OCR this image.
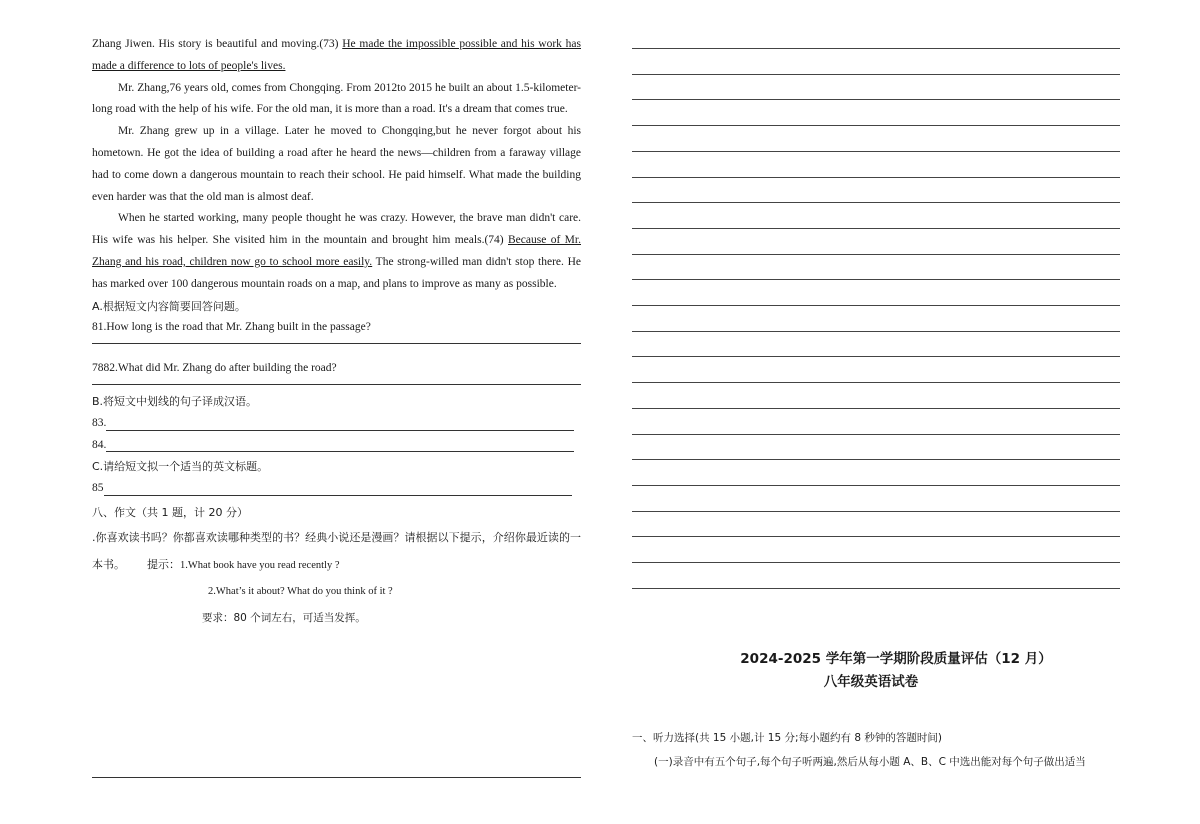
Zhang Jiwen. His story is beautiful and moving.(73) He made the impossible possible and his work has made a difference to lots of people's lives.

Mr. Zhang,76 years old, comes from Chongqing. From 2012to 2015 he built an about 1.5-kilometer-long road with the help of his wife. For the old man, it is more than a road. It's a dream that comes true.

Mr. Zhang grew up in a village. Later he moved to Chongqing,but he never forgot about his hometown. He got the idea of building a road after he heard the news—children from a faraway village had to come down a dangerous mountain to reach their school. He paid himself. What made the building even harder was that the old man is almost deaf.

When he started working, many people thought he was crazy. However, the brave man didn't care. His wife was his helper. She visited him in the mountain and brought him meals.(74) Because of Mr. Zhang and his road, children now go to school more easily. The strong-willed man didn't stop there. He has marked over 100 dangerous mountain roads on a map, and plans to improve as many as possible.

A.根据短文内容简要回答问题。

81.How long is the road that Mr. Zhang built in the passage?

7882.What did Mr. Zhang do after building the road?

B.将短文中划线的句子译成汉语。

83.
84.

C.请给短文拟一个适当的英文标题。

85

八、作文（共 1 题，计 20 分）

.你喜欢读书吗？你都喜欢读哪种类型的书？经典小说还是漫画？请根据以下提示，介绍你最近读的一本书。 提示：1.What book have you read recently ?

2.What’s it about? What do you think of it ?
要求：80 个词左右，可适当发挥。
2024-2025 学年第一学期阶段质量评估（12 月）
八年级英语试卷
一、听力选择(共 15 小题,计 15 分;每小题约有 8 秒钟的答题时间)
(一)录音中有五个句子,每个句子听两遍,然后从每小题 A、B、C 中选出能对每个句子做出适当
